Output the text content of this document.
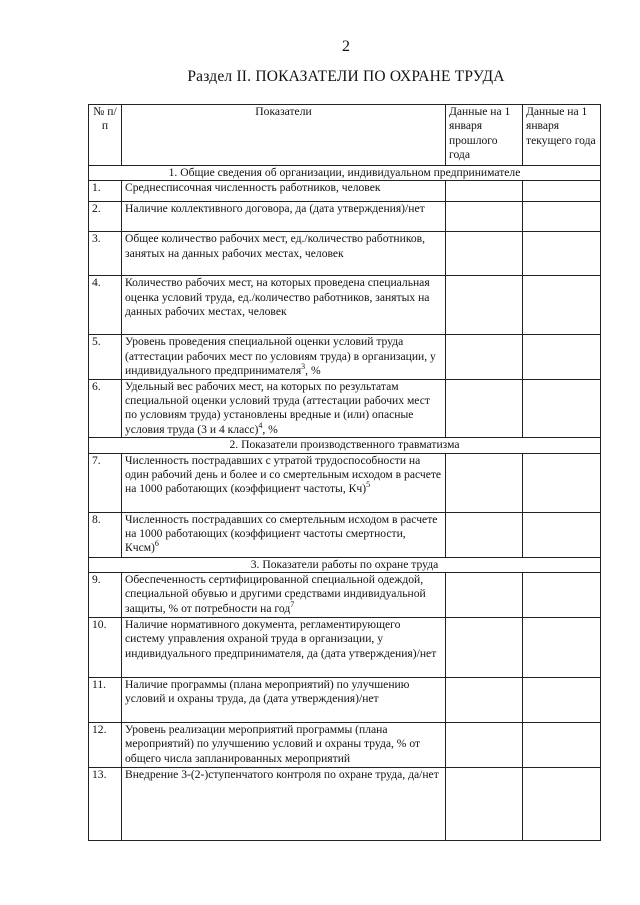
2
Раздел II. ПОКАЗАТЕЛИ ПО ОХРАНЕ ТРУДА
№ п/п	Показатели	Данные на 1 января прошлого года	Данные на 1 января текущего года
1. Общие сведения об организации, индивидуальном предпринимателе			
1.	Среднесписочная численность работников, человек		
2.	Наличие коллективного договора, да (дата утверждения)/нет		
3.	Общее количество рабочих мест, ед./количество работников, занятых на данных рабочих местах, человек		
4.	Количество рабочих мест, на которых проведена специальная оценка условий труда, ед./количество работников, занятых на данных рабочих местах, человек		
5.	Уровень проведения специальной оценки условий труда (аттестации рабочих мест по условиям труда) в организации, у индивидуального предпринимателя$^3$, %		
6.	Удельный вес рабочих мест, на которых по результатам специальной оценки условий труда (аттестации рабочих мест по условиям труда) установлены вредные и (или) опасные условия труда (3 и 4 класс)$^4$, %		
2. Показатели производственного травматизма			
7.	Численность пострадавших с утратой трудоспособности на один рабочий день и более и со смертельным исходом в расчете на 1000 работающих (коэффициент частоты, Кч)$^5$		
8.	Численность пострадавших со смертельным исходом в расчете на 1000 работающих (коэффициент частоты смертности, Кчсм)$^6$		
3. Показатели работы по охране труда			
9.	Обеспеченность сертифицированной специальной одеждой, специальной обувью и другими средствами индивидуальной защиты, % от потребности на год$^7$		
10.	Наличие нормативного документа, регламентирующего систему управления охраной труда в организации, у индивидуального предпринимателя, да (дата утверждения)/нет		
11.	Наличие программы (плана мероприятий) по улучшению условий и охраны труда, да (дата утверждения)/нет		
12.	Уровень реализации мероприятий программы (плана мероприятий) по улучшению условий и охраны труда, % от общего числа запланированных мероприятий		
13.	Внедрение 3-(2-)ступенчатого контроля по охране труда, да/нет		
